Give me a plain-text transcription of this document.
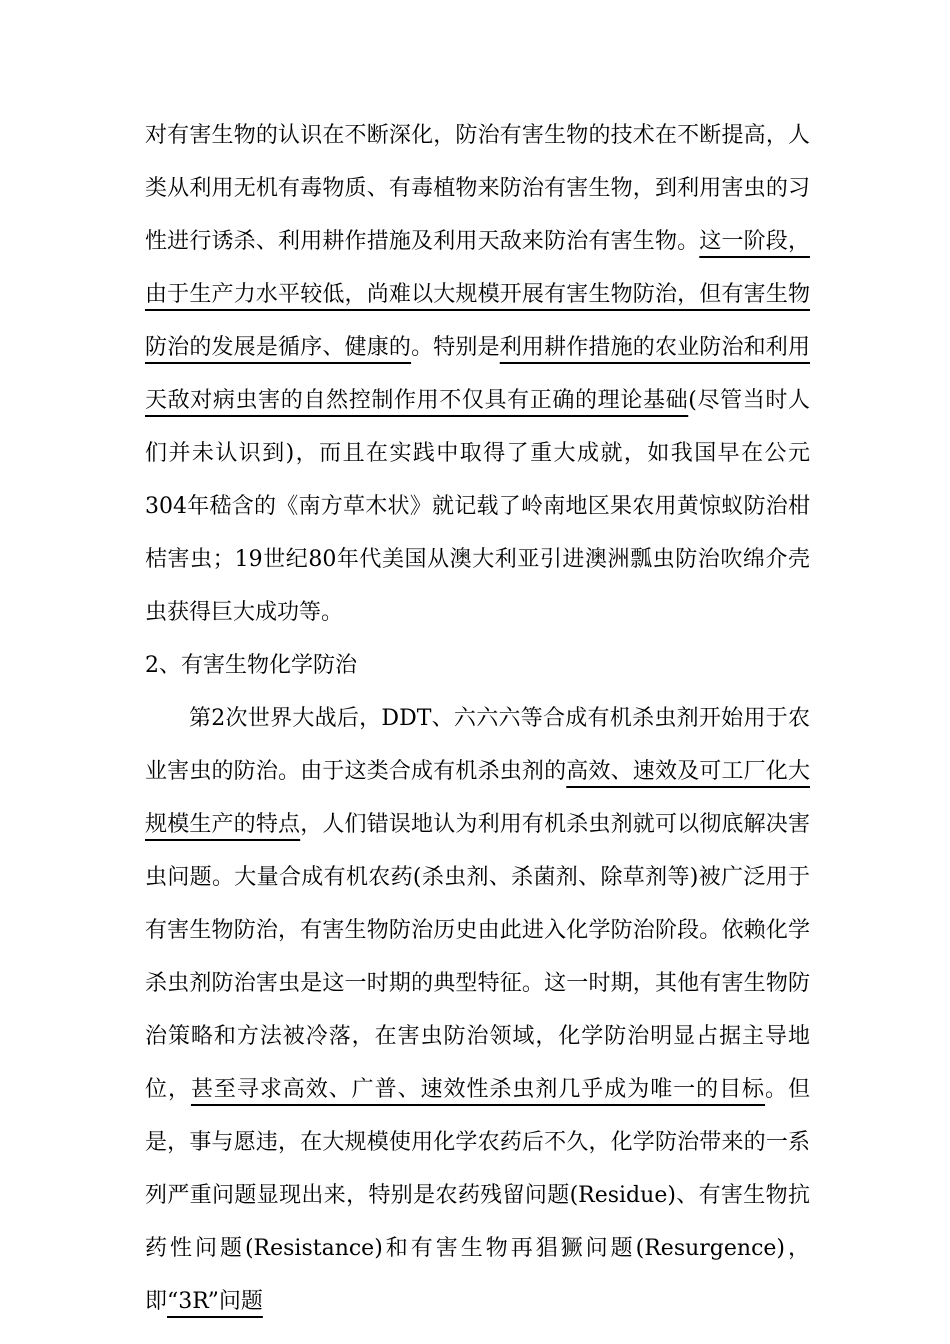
对有害生物的认识在不断深化，防治有害生物的技术在不断提高，人类从利用无机有毒物质、有毒植物来防治有害生物，到利用害虫的习性进行诱杀、利用耕作措施及利用天敌来防治有害生物。这一阶段，由于生产力水平较低，尚难以大规模开展有害生物防治，但有害生物防治的发展是循序、健康的。特别是利用耕作措施的农业防治和利用天敌对病虫害的自然控制作用不仅具有正确的理论基础(尽管当时人们并未认识到)，而且在实践中取得了重大成就，如我国早在公元304年嵇含的《南方草木状》就记载了岭南地区果农用黄惊蚁防治柑桔害虫；19世纪80年代美国从澳大利亚引进澳洲瓢虫防治吹绵介壳虫获得巨大成功等。

2、有害生物化学防治

第2次世界大战后，DDT、六六六等合成有机杀虫剂开始用于农业害虫的防治。由于这类合成有机杀虫剂的高效、速效及可工厂化大规模生产的特点，人们错误地认为利用有机杀虫剂就可以彻底解决害虫问题。大量合成有机农药(杀虫剂、杀菌剂、除草剂等)被广泛用于有害生物防治，有害生物防治历史由此进入化学防治阶段。依赖化学杀虫剂防治害虫是这一时期的典型特征。这一时期，其他有害生物防治策略和方法被冷落，在害虫防治领域，化学防治明显占据主导地位，甚至寻求高效、广普、速效性杀虫剂几乎成为唯一的目标。但是，事与愿违，在大规模使用化学农药后不久，化学防治带来的一系列严重问题显现出来，特别是农药残留问题(Residue)、有害生物抗药性问题(Resistance)和有害生物再猖獗问题(Resurgence)，即“3R”问题
